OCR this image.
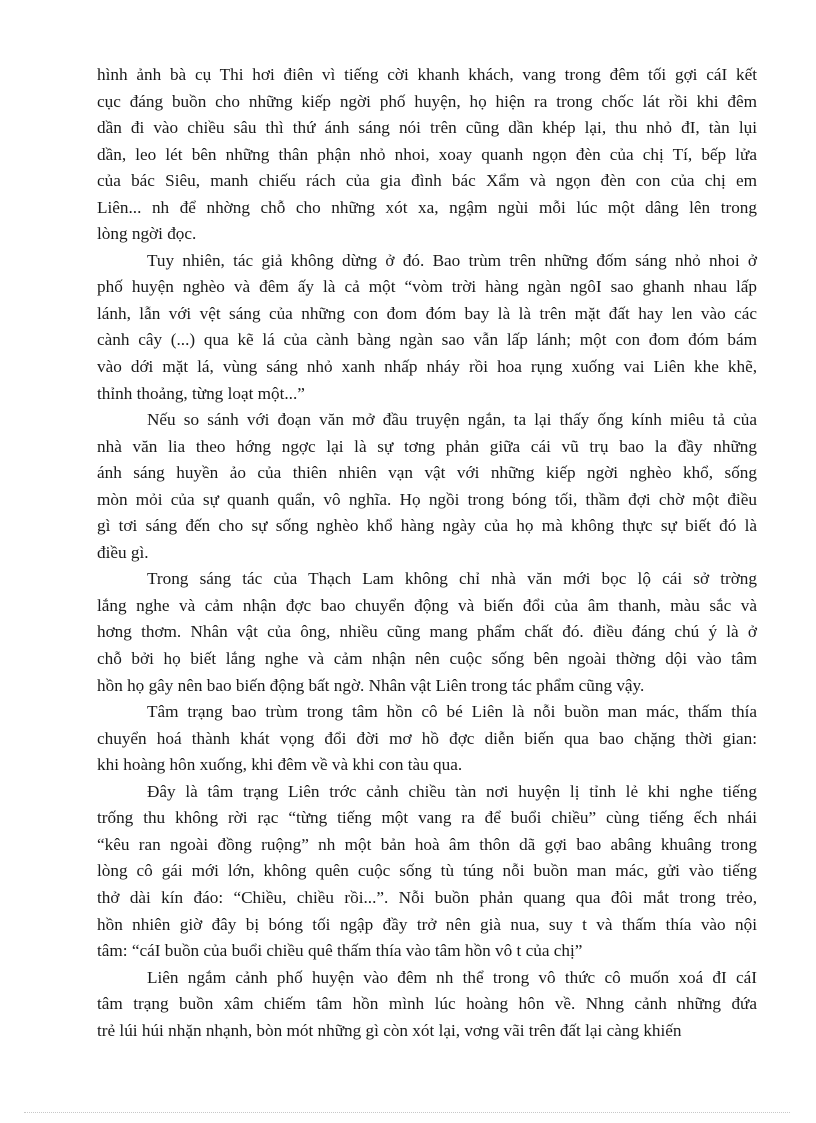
hình ảnh bà cụ Thi hơi điên vì tiếng cời khanh khách, vang trong đêm tối gợi cáI kết
cục đáng buồn cho những kiếp ngời phố huyện, họ hiện ra trong chốc lát rồi khi đêm
dần đi vào chiều sâu thì thứ ánh sáng nói trên cũng dần khép lại, thu nhỏ đI, tàn lụi
dần, leo lét bên những thân phận nhỏ nhoi, xoay quanh ngọn đèn của chị Tí, bếp lửa
của bác Siêu, manh chiếu rách của gia đình bác Xẩm và ngọn đèn con của chị em
Liên... nh để nhờng chỗ cho những xót xa, ngậm ngùi mỗi lúc một dâng lên trong
lòng ngời đọc.
Tuy nhiên, tác giả không dừng ở đó. Bao trùm trên những đốm sáng nhỏ nhoi ở
phố huyện nghèo và đêm ấy là cả một “vòm trời hàng ngàn ngôI sao ghanh nhau lấp
lánh, lẫn với vệt sáng của những con đom đóm bay là là trên mặt đất hay len vào các
cành cây (...) qua kẽ lá của cành bàng ngàn sao vẫn lấp lánh; một con đom đóm bám
vào dới mặt lá, vùng sáng nhỏ xanh nhấp nháy rồi hoa rụng xuống vai Liên khe khẽ,
thỉnh thoảng, từng loạt một...”
Nếu so sánh với đoạn văn mở đầu truyện ngắn, ta lại thấy ống kính miêu tả của
nhà văn lia theo hớng ngợc lại là sự tơng phản giữa cái vũ trụ bao la đầy những
ánh sáng huyền ảo của thiên nhiên vạn vật với những kiếp ngời nghèo khổ, sống
mòn mỏi của sự quanh quẩn, vô nghĩa. Họ ngồi trong bóng tối, thầm đợi chờ một điều
gì tơi sáng đến cho sự sống nghèo khổ hàng ngày của họ mà không thực sự biết đó là
điều gì.
Trong sáng tác của Thạch Lam không chỉ nhà văn mới bọc lộ cái sở trờng
lắng nghe và cảm nhận đợc bao chuyển động và biến đổi của âm thanh, màu sắc và
hơng thơm. Nhân vật của ông, nhiều cũng mang phẩm chất đó. điều đáng chú ý là ở
chỗ bởi họ biết lắng nghe và cảm nhận nên cuộc sống bên ngoài thờng dội vào tâm
hồn họ gây nên bao biến động bất ngờ. Nhân vật Liên trong tác phẩm cũng vậy.
Tâm trạng bao trùm trong tâm hồn cô bé Liên là nỗi buồn man mác, thấm thía
chuyển hoá thành khát vọng đổi đời mơ hồ đợc diễn biến qua bao chặng thời gian:
khi hoàng hôn xuống, khi đêm về và khi con tàu qua.
Đây là tâm trạng Liên trớc cảnh chiều tàn nơi huyện lị tỉnh lẻ khi nghe tiếng
trống thu không rời rạc “từng tiếng một vang ra để buổi chiều” cùng tiếng ếch nhái
“kêu ran ngoài đồng ruộng” nh một bản hoà âm thôn dã gợi bao abâng khuâng trong
lòng cô gái mới lớn, không quên cuộc sống tù túng nỗi buồn man mác, gửi vào tiếng
thở dài kín đáo: “Chiều, chiều rồi...”. Nỗi buồn phản quang qua đôi mắt trong trẻo,
hồn nhiên giờ đây bị bóng tối ngập đầy trở nên già nua, suy t và thấm thía vào nội
tâm: “cáI buồn của buổi chiều quê thấm thía vào tâm hồn vô t của chị”
Liên ngắm cảnh phố huyện vào đêm nh thể trong vô thức cô muốn xoá đI cáI
tâm trạng buồn xâm chiếm tâm hồn mình lúc hoàng hôn về. Nhng cảnh những đứa
trẻ lúi húi nhặn nhạnh, bòn mót những gì còn xót lại, vơng vãi trên đất lại càng khiến
